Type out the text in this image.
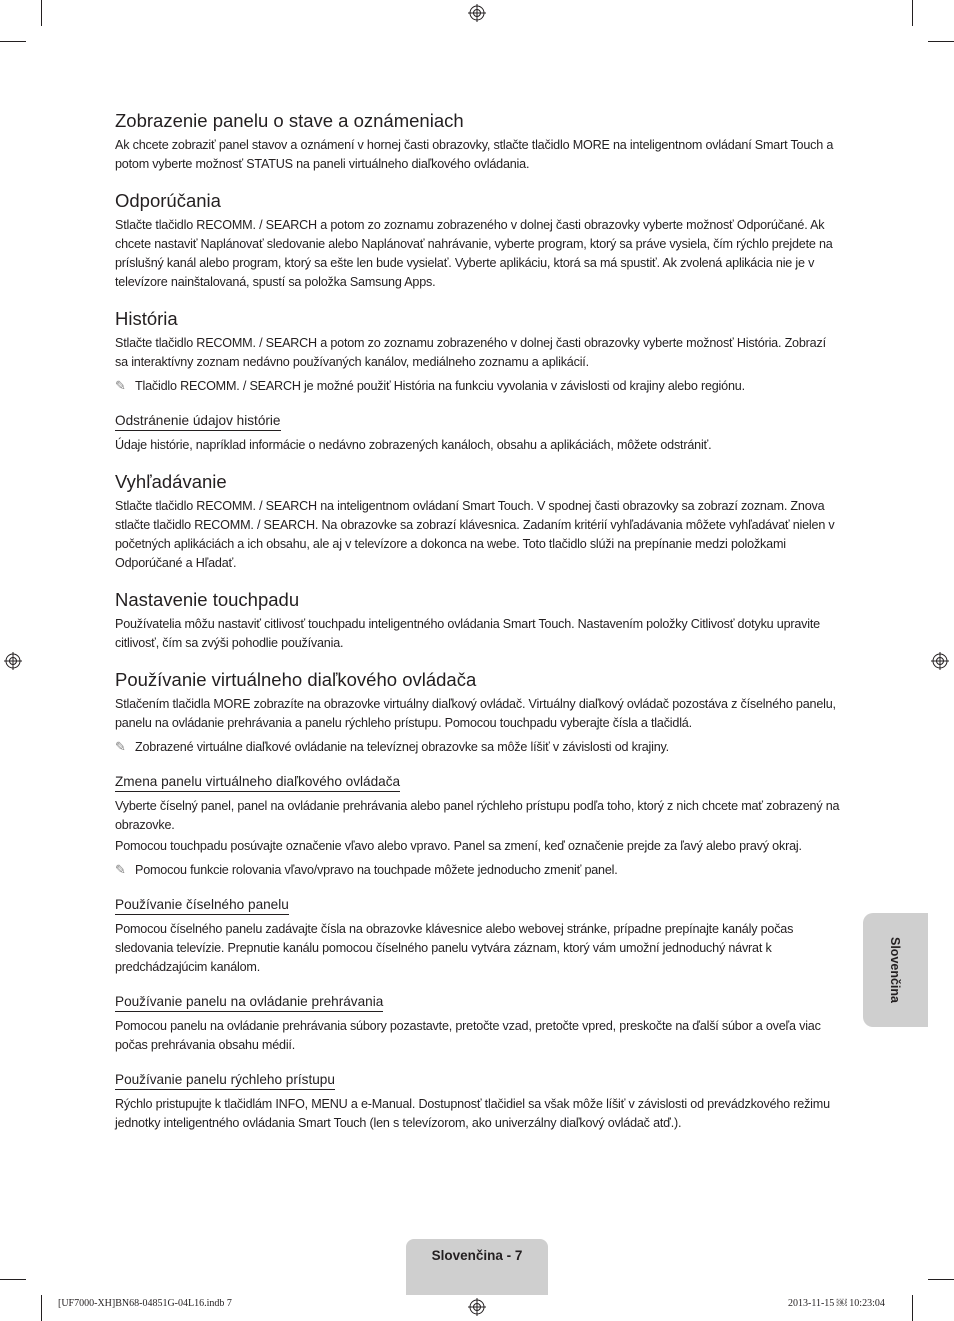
Zobrazenie panelu o stave a oznámeniach

Ak chcete zobraziť panel stavov a oznámení v hornej časti obrazovky, stlačte tlačidlo MORE na inteligentnom ovládaní Smart Touch a potom vyberte možnosť STATUS na paneli virtuálneho diaľkového ovládania.

Odporúčania

Stlačte tlačidlo RECOMM. / SEARCH a potom zo zoznamu zobrazeného v dolnej časti obrazovky vyberte možnosť Odporúčané. Ak chcete nastaviť Naplánovať sledovanie alebo Naplánovať nahrávanie, vyberte program, ktorý sa práve vysiela, čím rýchlo prejdete na príslušný kanál alebo program, ktorý sa ešte len bude vysielať. Vyberte aplikáciu, ktorá sa má spustiť. Ak zvolená aplikácia nie je v televízore nainštalovaná, spustí sa položka Samsung Apps.

História

Stlačte tlačidlo RECOMM. / SEARCH a potom zo zoznamu zobrazeného v dolnej časti obrazovky vyberte možnosť História. Zobrazí sa interaktívny zoznam nedávno používaných kanálov, mediálneho zoznamu a aplikácií.

✎ Tlačidlo RECOMM. / SEARCH je možné použiť História na funkciu vyvolania v závislosti od krajiny alebo regiónu.

Odstránenie údajov histórie

Údaje histórie, napríklad informácie o nedávno zobrazených kanáloch, obsahu a aplikáciách, môžete odstrániť.

Vyhľadávanie

Stlačte tlačidlo RECOMM. / SEARCH na inteligentnom ovládaní Smart Touch. V spodnej časti obrazovky sa zobrazí zoznam. Znova stlačte tlačidlo RECOMM. / SEARCH. Na obrazovke sa zobrazí klávesnica. Zadaním kritérií vyhľadávania môžete vyhľadávať nielen v početných aplikáciách a ich obsahu, ale aj v televízore a dokonca na webe. Toto tlačidlo slúži na prepínanie medzi položkami Odporúčané a Hľadať.

Nastavenie touchpadu

Používatelia môžu nastaviť citlivosť touchpadu inteligentného ovládania Smart Touch. Nastavením položky Citlivosť dotyku upravite citlivosť, čím sa zvýši pohodlie používania.

Používanie virtuálneho diaľkového ovládača

Stlačením tlačidla MORE zobrazíte na obrazovke virtuálny diaľkový ovládač. Virtuálny diaľkový ovládač pozostáva z číselného panelu, panelu na ovládanie prehrávania a panelu rýchleho prístupu. Pomocou touchpadu vyberajte čísla a tlačidlá.

✎ Zobrazené virtuálne diaľkové ovládanie na televíznej obrazovke sa môže líšiť v závislosti od krajiny.

Zmena panelu virtuálneho diaľkového ovládača

Vyberte číselný panel, panel na ovládanie prehrávania alebo panel rýchleho prístupu podľa toho, ktorý z nich chcete mať zobrazený na obrazovke.

Pomocou touchpadu posúvajte označenie vľavo alebo vpravo. Panel sa zmení, keď označenie prejde za ľavý alebo pravý okraj.

✎ Pomocou funkcie rolovania vľavo/vpravo na touchpade môžete jednoducho zmeniť panel.

Používanie číselného panelu

Pomocou číselného panelu zadávajte čísla na obrazovke klávesnice alebo webovej stránke, prípadne prepínajte kanály počas sledovania televízie. Prepnutie kanálu pomocou číselného panelu vytvára záznam, ktorý vám umožní jednoduchý návrat k predchádzajúcim kanálom.

Používanie panelu na ovládanie prehrávania

Pomocou panelu na ovládanie prehrávania súbory pozastavte, pretočte vzad, pretočte vpred, preskočte na ďalší súbor a oveľa viac počas prehrávania obsahu médií.

Používanie panelu rýchleho prístupu

Rýchlo pristupujte k tlačidlám INFO, MENU a e-Manual. Dostupnosť tlačidiel sa však môže líšiť v závislosti od prevádzkového režimu jednotky inteligentného ovládania Smart Touch (len s televízorom, ako univerzálny diaľkový ovládač atď.).

Slovenčina
Slovenčina - 7
[UF7000-XH]BN68-04851G-04L16.indb 7	2013-11-15 ￼ 10:23:04
